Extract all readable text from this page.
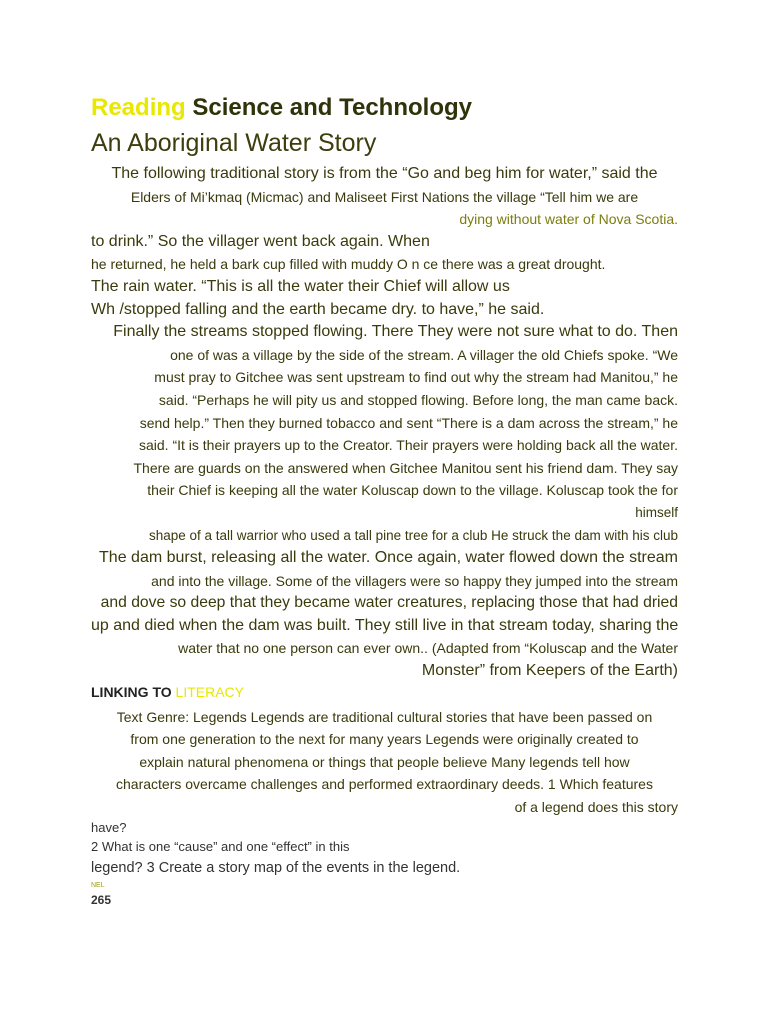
Reading Science and Technology
An Aboriginal Water Story
The following traditional story is from the “Go and beg him for water,” said the
Elders of Mi’kmaq (Micmac) and Maliseet First Nations the village “Tell him we are
dying without water of Nova Scotia.
to drink.” So the villager went back again. When
he returned, he held a bark cup filled with muddy O n ce there was a great drought.
The rain water. “This is all the water their Chief will allow us
Wh /stopped falling and the earth became dry. to have,” he said.
Finally the streams stopped flowing. There They were not sure what to do. Then
one of was a village by the side of the stream. A villager the old Chiefs spoke. “We
must pray to Gitchee was sent upstream to find out why the stream had Manitou,” he
said. “Perhaps he will pity us and stopped flowing. Before long, the man came back.
send help.” Then they burned tobacco and sent “There is a dam across the stream,” he
said. “It is their prayers up to the Creator. Their prayers were holding back all the water.
There are guards on the answered when Gitchee Manitou sent his friend dam. They say
their Chief is keeping all the water Koluscap down to the village. Koluscap took the for
himself
shape of a tall warrior who used a tall pine tree for a club He struck the dam with his club
The dam burst, releasing all the water. Once again, water flowed down the stream
and into the village. Some of the villagers were so happy they jumped into the stream
and dove so deep that they became water creatures, replacing those that had dried
up and died when the dam was built. They still live in that stream today, sharing the
water that no one person can ever own.. (Adapted from “Koluscap and the Water
Monster” from Keepers of the Earth)
LINKING TO LITERACY
Text Genre: Legends Legends are traditional cultural stories that have been passed on
from one generation to the next for many years Legends were originally created to
explain natural phenomena or things that people believe Many legends tell how
characters overcame challenges and performed extraordinary deeds. 1 Which features
of a legend does this story
have?
2 What is one “cause” and one “effect” in this
legend? 3 Create a story map of the events in the legend.
NEL
265
